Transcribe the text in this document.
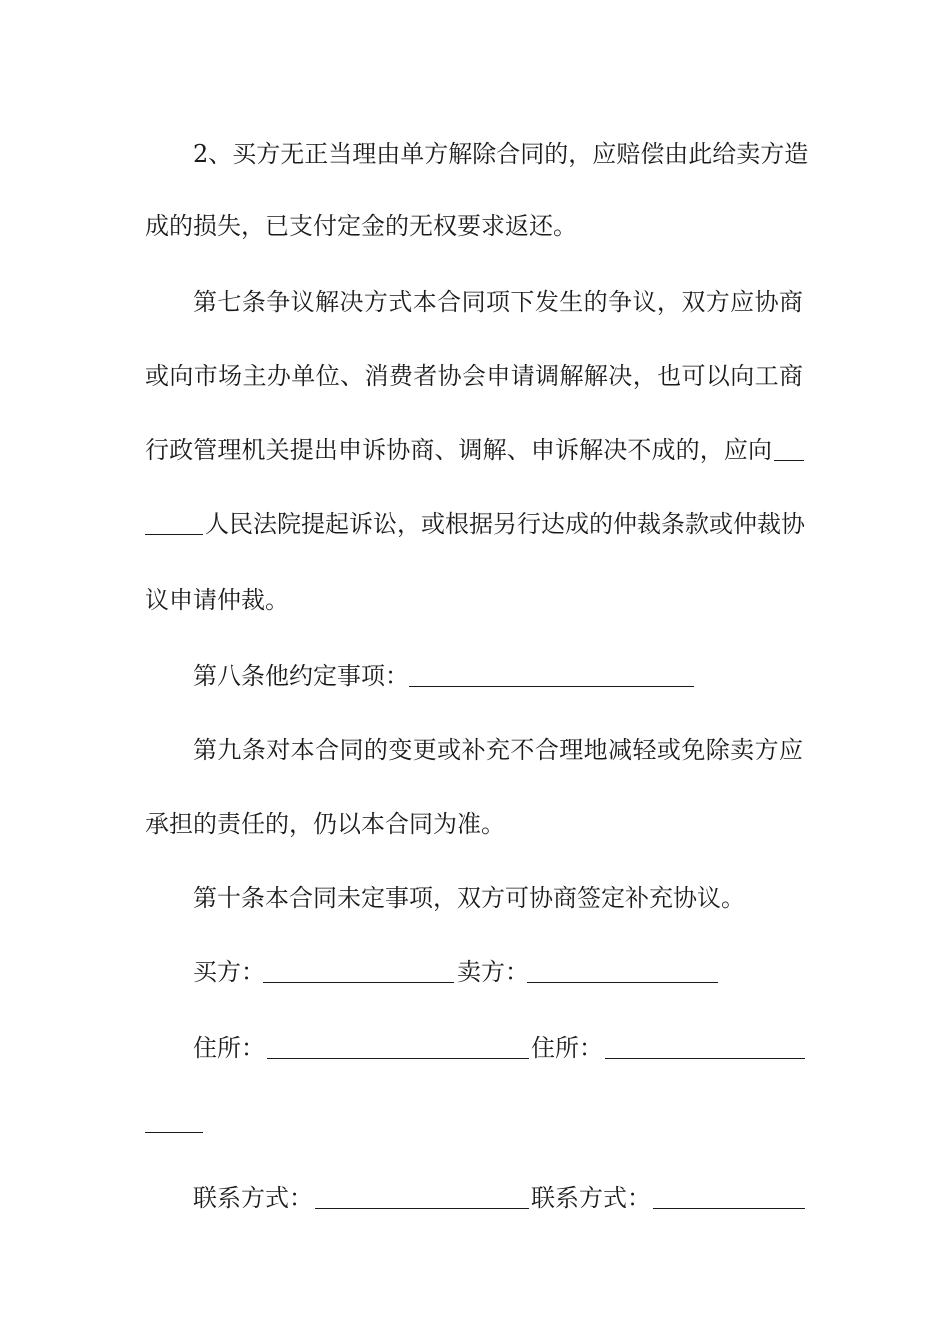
2、买方无正当理由单方解除合同的，应赔偿由此给卖方造
成的损失，已支付定金的无权要求返还。
第七条争议解决方式本合同项下发生的争议，双方应协商
或向市场主办单位、消费者协会申请调解解决，也可以向工商
行政管理机关提出申诉协商、调解、申诉解决不成的，应向
人民法院提起诉讼，或根据另行达成的仲裁条款或仲裁协
议申请仲裁。
第八条他约定事项：
第九条对本合同的变更或补充不合理地减轻或免除卖方应
承担的责任的，仍以本合同为准。
第十条本合同未定事项，双方可协商签定补充协议。
买方：	卖方：
住所：	住所：
联系方式：	联系方式：
